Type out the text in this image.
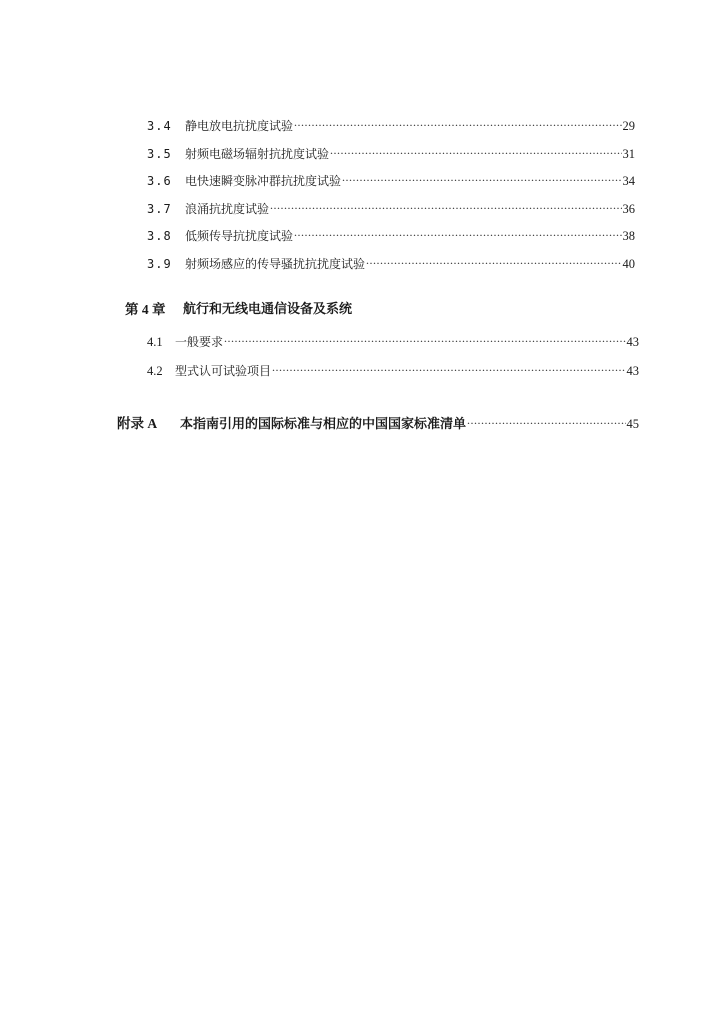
3.4	静电放电抗扰度试验 .....	29
3.5	射频电磁场辐射抗扰度试验 .....	31
3.6	电快速瞬变脉冲群抗扰度试验 .....	34
3.7	浪涌抗扰度试验 .....	36
3.8	低频传导抗扰度试验 .....	38
3.9	射频场感应的传导骚扰抗扰度试验 .....	40
第 4 章	航行和无线电通信设备及系统
4.1	一般要求 .....	43
4.2	型式认可试验项目 .....	43
附录 A	本指南引用的国际标准与相应的中国国家标准清单 .....	45
